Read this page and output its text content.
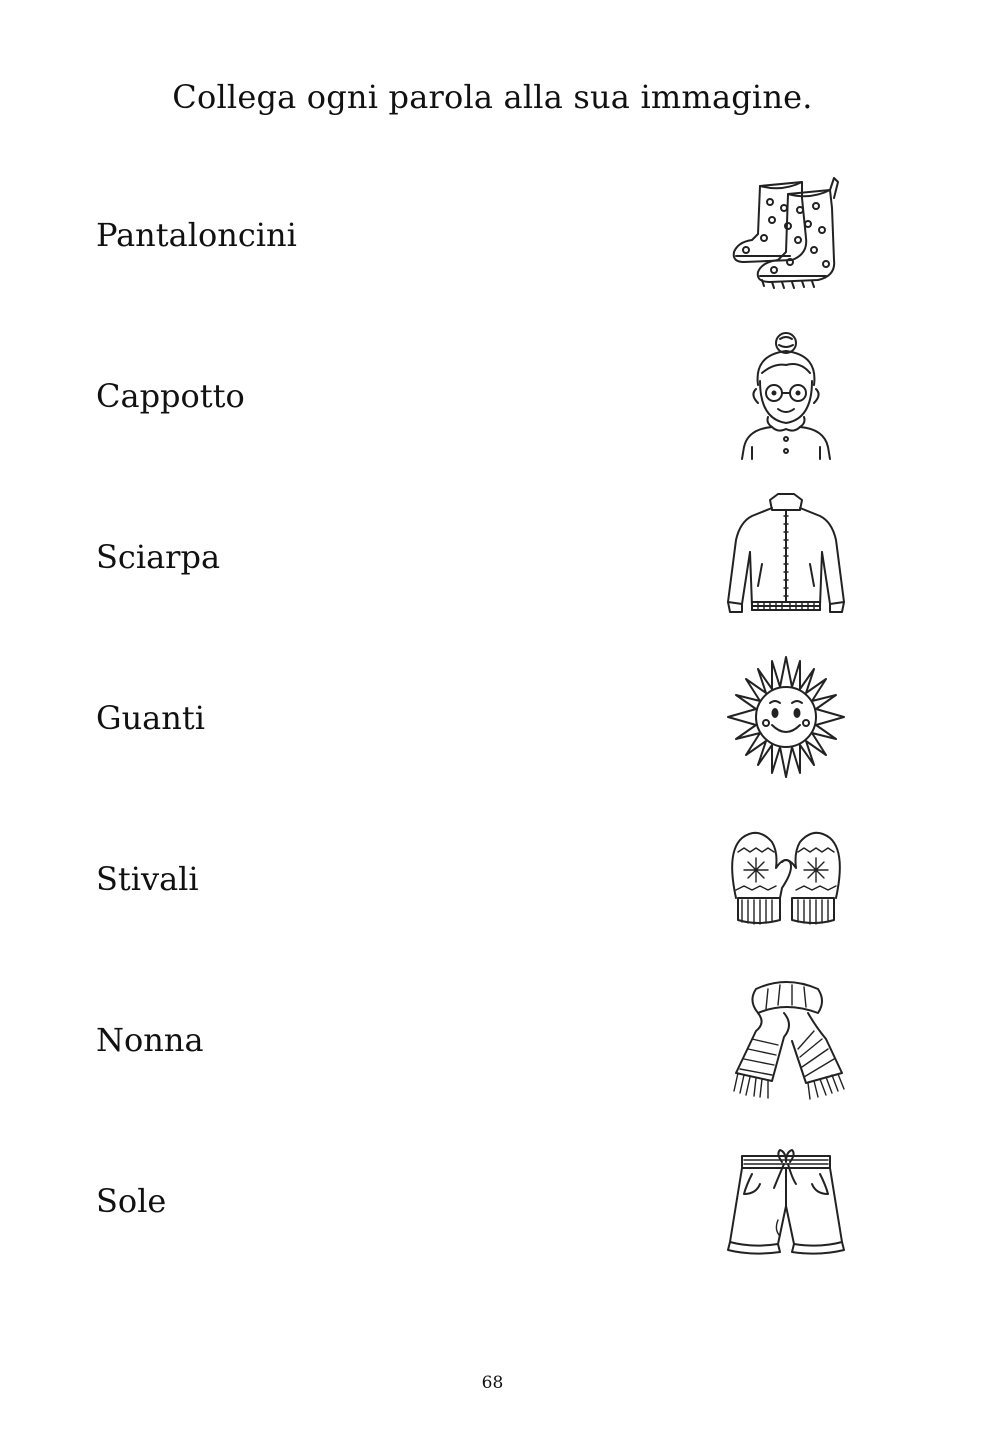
Collega ogni parola alla sua immagine.
Pantaloncini
Cappotto
Sciarpa
Guanti
Stivali
Nonna
Sole
68
